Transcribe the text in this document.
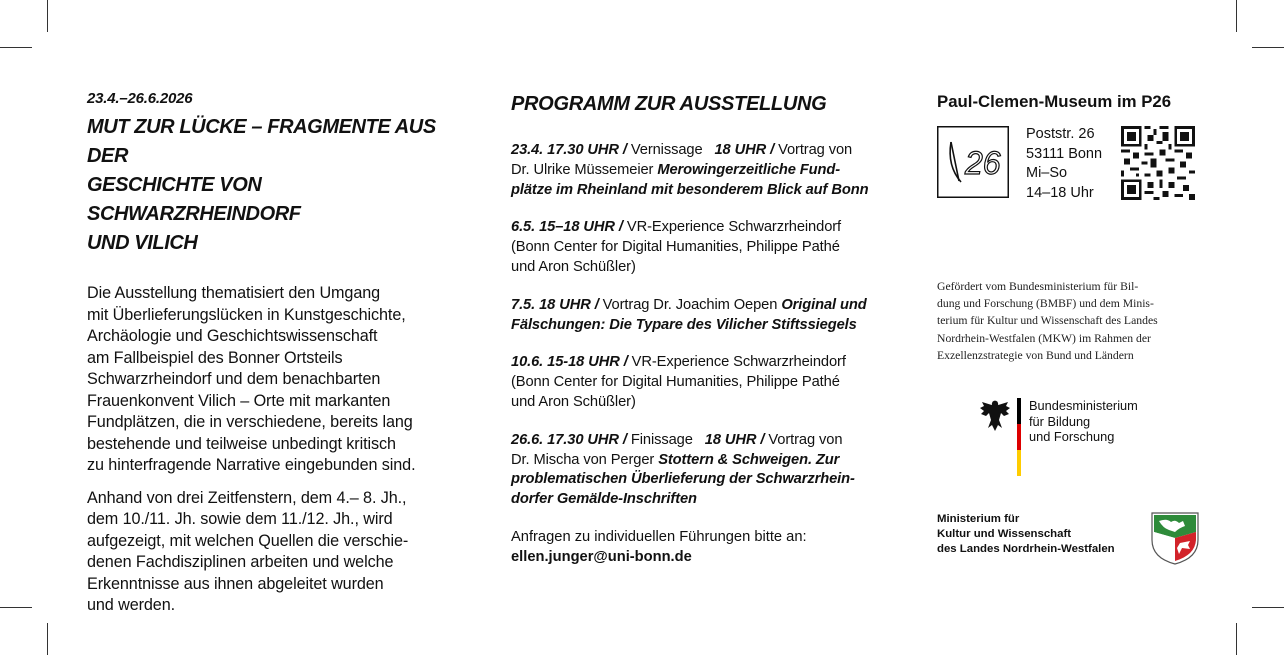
23.4.–26.6.2026
MUT ZUR LÜCKE – FRAGMENTE AUS DER
GESCHICHTE VON SCHWARZRHEINDORF
UND VILICH
Die Ausstellung thematisiert den Umgang
mit Überlieferungslücken in Kunstgeschichte,
Archäologie und Geschichtswissenschaft
am Fallbeispiel des Bonner Ortsteils
Schwarzrheindorf und dem benachbarten
Frauenkonvent Vilich – Orte mit markanten
Fundplätzen, die in verschiedene, bereits lang
bestehende und teilweise unbedingt kritisch
zu hinterfragende Narrative eingebunden sind.
Anhand von drei Zeitfenstern, dem 4.– 8. Jh.,
dem 10./11. Jh. sowie dem 11./12. Jh., wird
aufgezeigt, mit welchen Quellen die verschie-
denen Fachdisziplinen arbeiten und welche
Erkenntnisse aus ihnen abgeleitet wurden
und werden.
PROGRAMM ZUR AUSSTELLUNG
23.4. 17.30 UHR / Vernissage 18 UHR / Vortrag von
Dr. Ulrike Müssemeier Merowingerzeitliche Fund-
plätze im Rheinland mit besonderem Blick auf Bonn
6.5. 15–18 UHR / VR-Experience Schwarzrheindorf
(Bonn Center for Digital Humanities, Philippe Pathé
und Aron Schüßler)
7.5. 18 UHR / Vortrag Dr. Joachim Oepen Original und
Fälschungen: Die Typare des Vilicher Stiftssiegels
10.6. 15-18 UHR / VR-Experience Schwarzrheindorf
(Bonn Center for Digital Humanities, Philippe Pathé
und Aron Schüßler)
26.6. 17.30 UHR / Finissage 18 UHR / Vortrag von
Dr. Mischa von Perger Stottern & Schweigen. Zur
problematischen Überlieferung der Schwarzrhein-
dorfer Gemälde-Inschriften
Anfragen zu individuellen Führungen bitte an:
ellen.junger@uni-bonn.de
Paul-Clemen-Museum im P26
26
Poststr. 26
53111 Bonn
Mi–So
14–18 Uhr
Gefördert vom Bundesministerium für Bil-
dung und Forschung (BMBF) und dem Minis-
terium für Kultur und Wissenschaft des Landes
Nordrhein-Westfalen (MKW) im Rahmen der
Exzellenzstrategie von Bund und Ländern
Bundesministerium
für Bildung
und Forschung
Ministerium für
Kultur und Wissenschaft
des Landes Nordrhein-Westfalen
